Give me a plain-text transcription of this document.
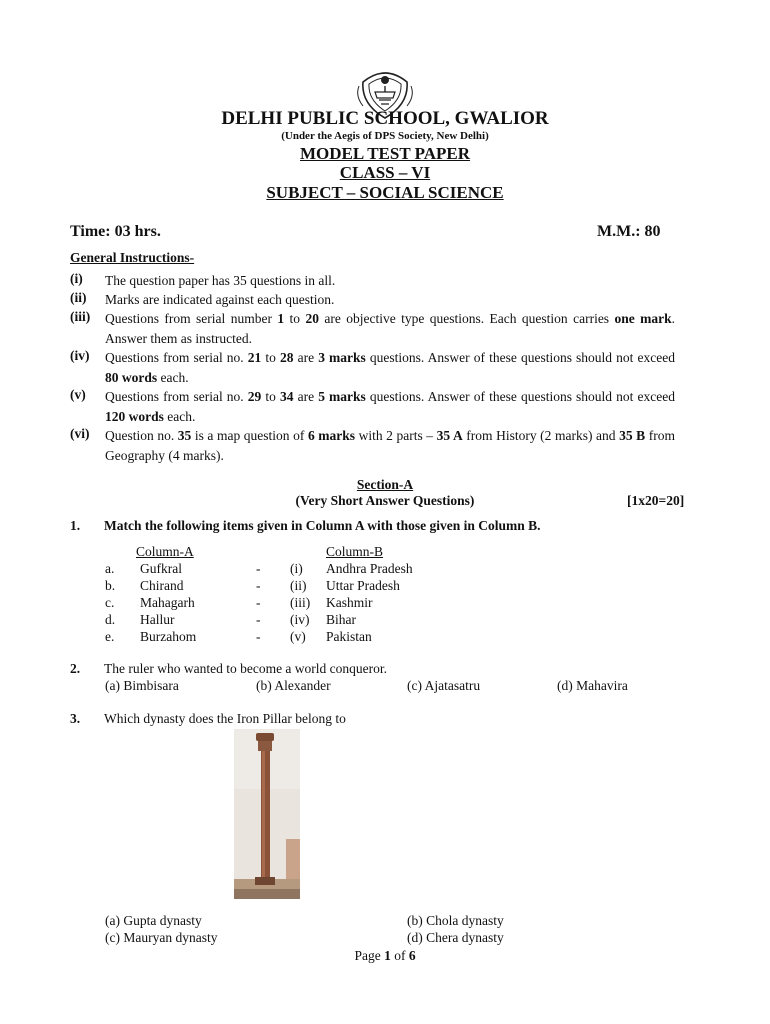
DELHI PUBLIC SCHOOL, GWALIOR
(Under the Aegis of DPS Society, New Delhi)
MODEL TEST PAPER
CLASS – VI
SUBJECT – SOCIAL SCIENCE
Time: 03 hrs.	M.M.: 80
General Instructions-
(i) The question paper has 35 questions in all.
(ii) Marks are indicated against each question.
(iii) Questions from serial number 1 to 20 are objective type questions. Each question carries one mark. Answer them as instructed.
(iv) Questions from serial no. 21 to 28 are 3 marks questions. Answer of these questions should not exceed 80 words each.
(v) Questions from serial no. 29 to 34 are 5 marks questions. Answer of these questions should not exceed 120 words each.
(vi) Question no. 35 is a map question of 6 marks with 2 parts – 35 A from History (2 marks) and 35 B from Geography (4 marks).
Section-A
(Very Short Answer Questions)	[1x20=20]
1. Match the following items given in Column A with those given in Column B.
Column-A	Column-B
a. Gufkral	- (i) Andhra Pradesh
b. Chirand	- (ii) Uttar Pradesh
c. Mahagarh	- (iii) Kashmir
d. Hallur	- (iv) Bihar
e. Burzahom	- (v) Pakistan
2. The ruler who wanted to become a world conqueror.
(a) Bimbisara	(b) Alexander	(c) Ajatasatru	(d) Mahavira
3. Which dynasty does the Iron Pillar belong to
(a) Gupta dynasty	(b) Chola dynasty
(c) Mauryan dynasty	(d) Chera dynasty
Page 1 of 6
